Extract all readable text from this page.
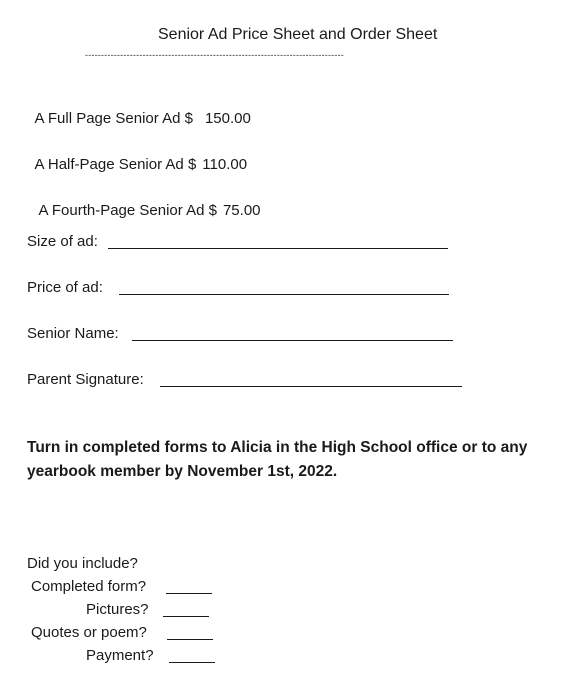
Senior Ad Price Sheet and Order Sheet
---------------------------------------------------------------------------------

A Full Page Senior Ad $ 150.00

A Half-Page Senior Ad $ 110.00

A Fourth-Page Senior Ad $ 75.00

Size of ad:
Price of ad:
Senior Name:
Parent Signature:
Turn in completed forms to Alicia in the High School office or to any
yearbook member by November 1st, 2022.
Did you include?
Completed form?
Pictures?
Quotes or poem?
Payment?
